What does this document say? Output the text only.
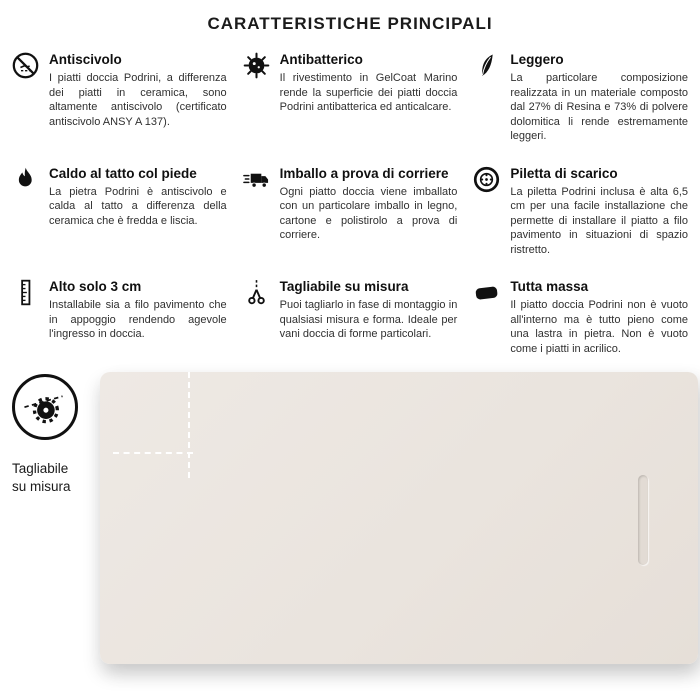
CARATTERISTICHE PRINCIPALI
Antiscivolo

I piatti doccia Podrini, a differenza dei piatti in ceramica, sono altamente antiscivolo (certificato antiscivolo ANSY A 137).

Antibatterico

Il rivestimento in GelCoat Marino rende la superficie dei piatti doccia Podrini antibatterica ed anticalcare.

Leggero

La particolare composizione realizzata in un materiale composto dal 27% di Resina e 73% di polvere dolomitica li rende estremamente leggeri.

Caldo al tatto col piede

La pietra Podrini è antiscivolo e calda al tatto a differenza della ceramica che è fredda e liscia.

Imballo a prova di corriere

Ogni piatto doccia viene imballato con un particolare imballo in legno, cartone e polistirolo a prova di corriere.

Piletta di scarico

La piletta Podrini inclusa è alta 6,5 cm per una facile installazione che permette di installare il piatto a filo pavimento in situazioni di spazio ristretto.

Alto solo 3 cm

Installabile sia a filo pavimento che in appoggio rendendo agevole l'ingresso in doccia.

Tagliabile su misura

Puoi tagliarlo in fase di montaggio in qualsiasi misura e forma. Ideale per vani doccia di forme particolari.

Tutta massa

Il piatto doccia Podrini non è vuoto all'interno ma è tutto pieno come una lastra in pietra. Non è vuoto come i piatti in acrilico.

Tagliabile su misura
